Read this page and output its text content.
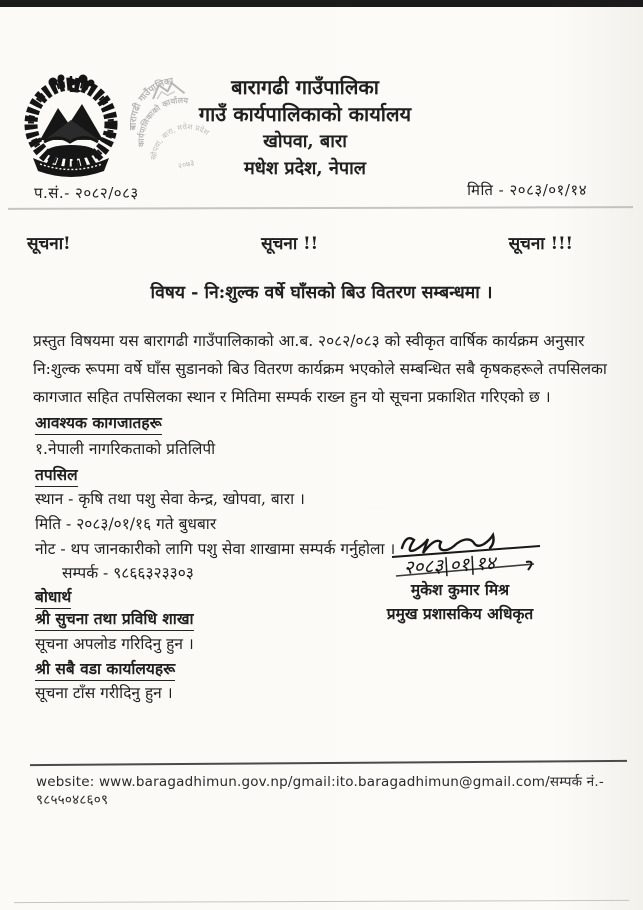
बारागढी गाउँपालिका
कार्यपालिकाको कार्यालय
खोपवा, बारा, मधेश प्रदेश
२०७३
बारागढी गाउँपालिका
गाउँ कार्यपालिकाको कार्यालय
खोपवा, बारा
मधेश प्रदेश, नेपाल
प.सं.- २०८२/०८३	मिति - २०८३/०१/१४
सूचना!	सूचना !!	सूचना !!!
विषय - नि:शुल्क वर्षे घाँसको बिउ वितरण सम्बन्धमा ।
प्रस्तुत विषयमा यस बारागढी गाउँपालिकाको आ.ब. २०८२/०८३ को स्वीकृत वार्षिक कार्यक्रम अनुसार
नि:शुल्क रूपमा वर्षे घाँस सुडानको बिउ वितरण कार्यक्रम भएकोले सम्बन्धित सबै कृषकहरूले तपसिलका
कागजात सहित तपसिलका स्थान र मितिमा सम्पर्क राख्न हुन यो सूचना प्रकाशित गरिएको छ ।
आवश्यक कागजातहरू
१.नेपाली नागरिकताको प्रतिलिपी
तपसिल
स्थान - कृषि तथा पशु सेवा केन्द्र, खोपवा, बारा ।
मिति - २०८३/०१/१६ गते बुधबार
नोट - थप जानकारीको लागि पशु सेवा शाखामा सम्पर्क गर्नुहोला ।
सम्पर्क - ९८६६३२३३०३
बोधार्थ
श्री सुचना तथा प्रविधि शाखा
सूचना अपलोड गरिदिनु हुन ।
श्री सबै वडा कार्यालयहरू
सूचना टाँस गरीदिनु हुन ।
२०८३|०१|१४
मुकेश कुमार मिश्र
प्रमुख प्रशासकिय अधिकृत
website: www.baragadhimun.gov.np/gmail:ito.baragadhimun@gmail.com/सम्पर्क नं.- ९८५५०४८६०९
